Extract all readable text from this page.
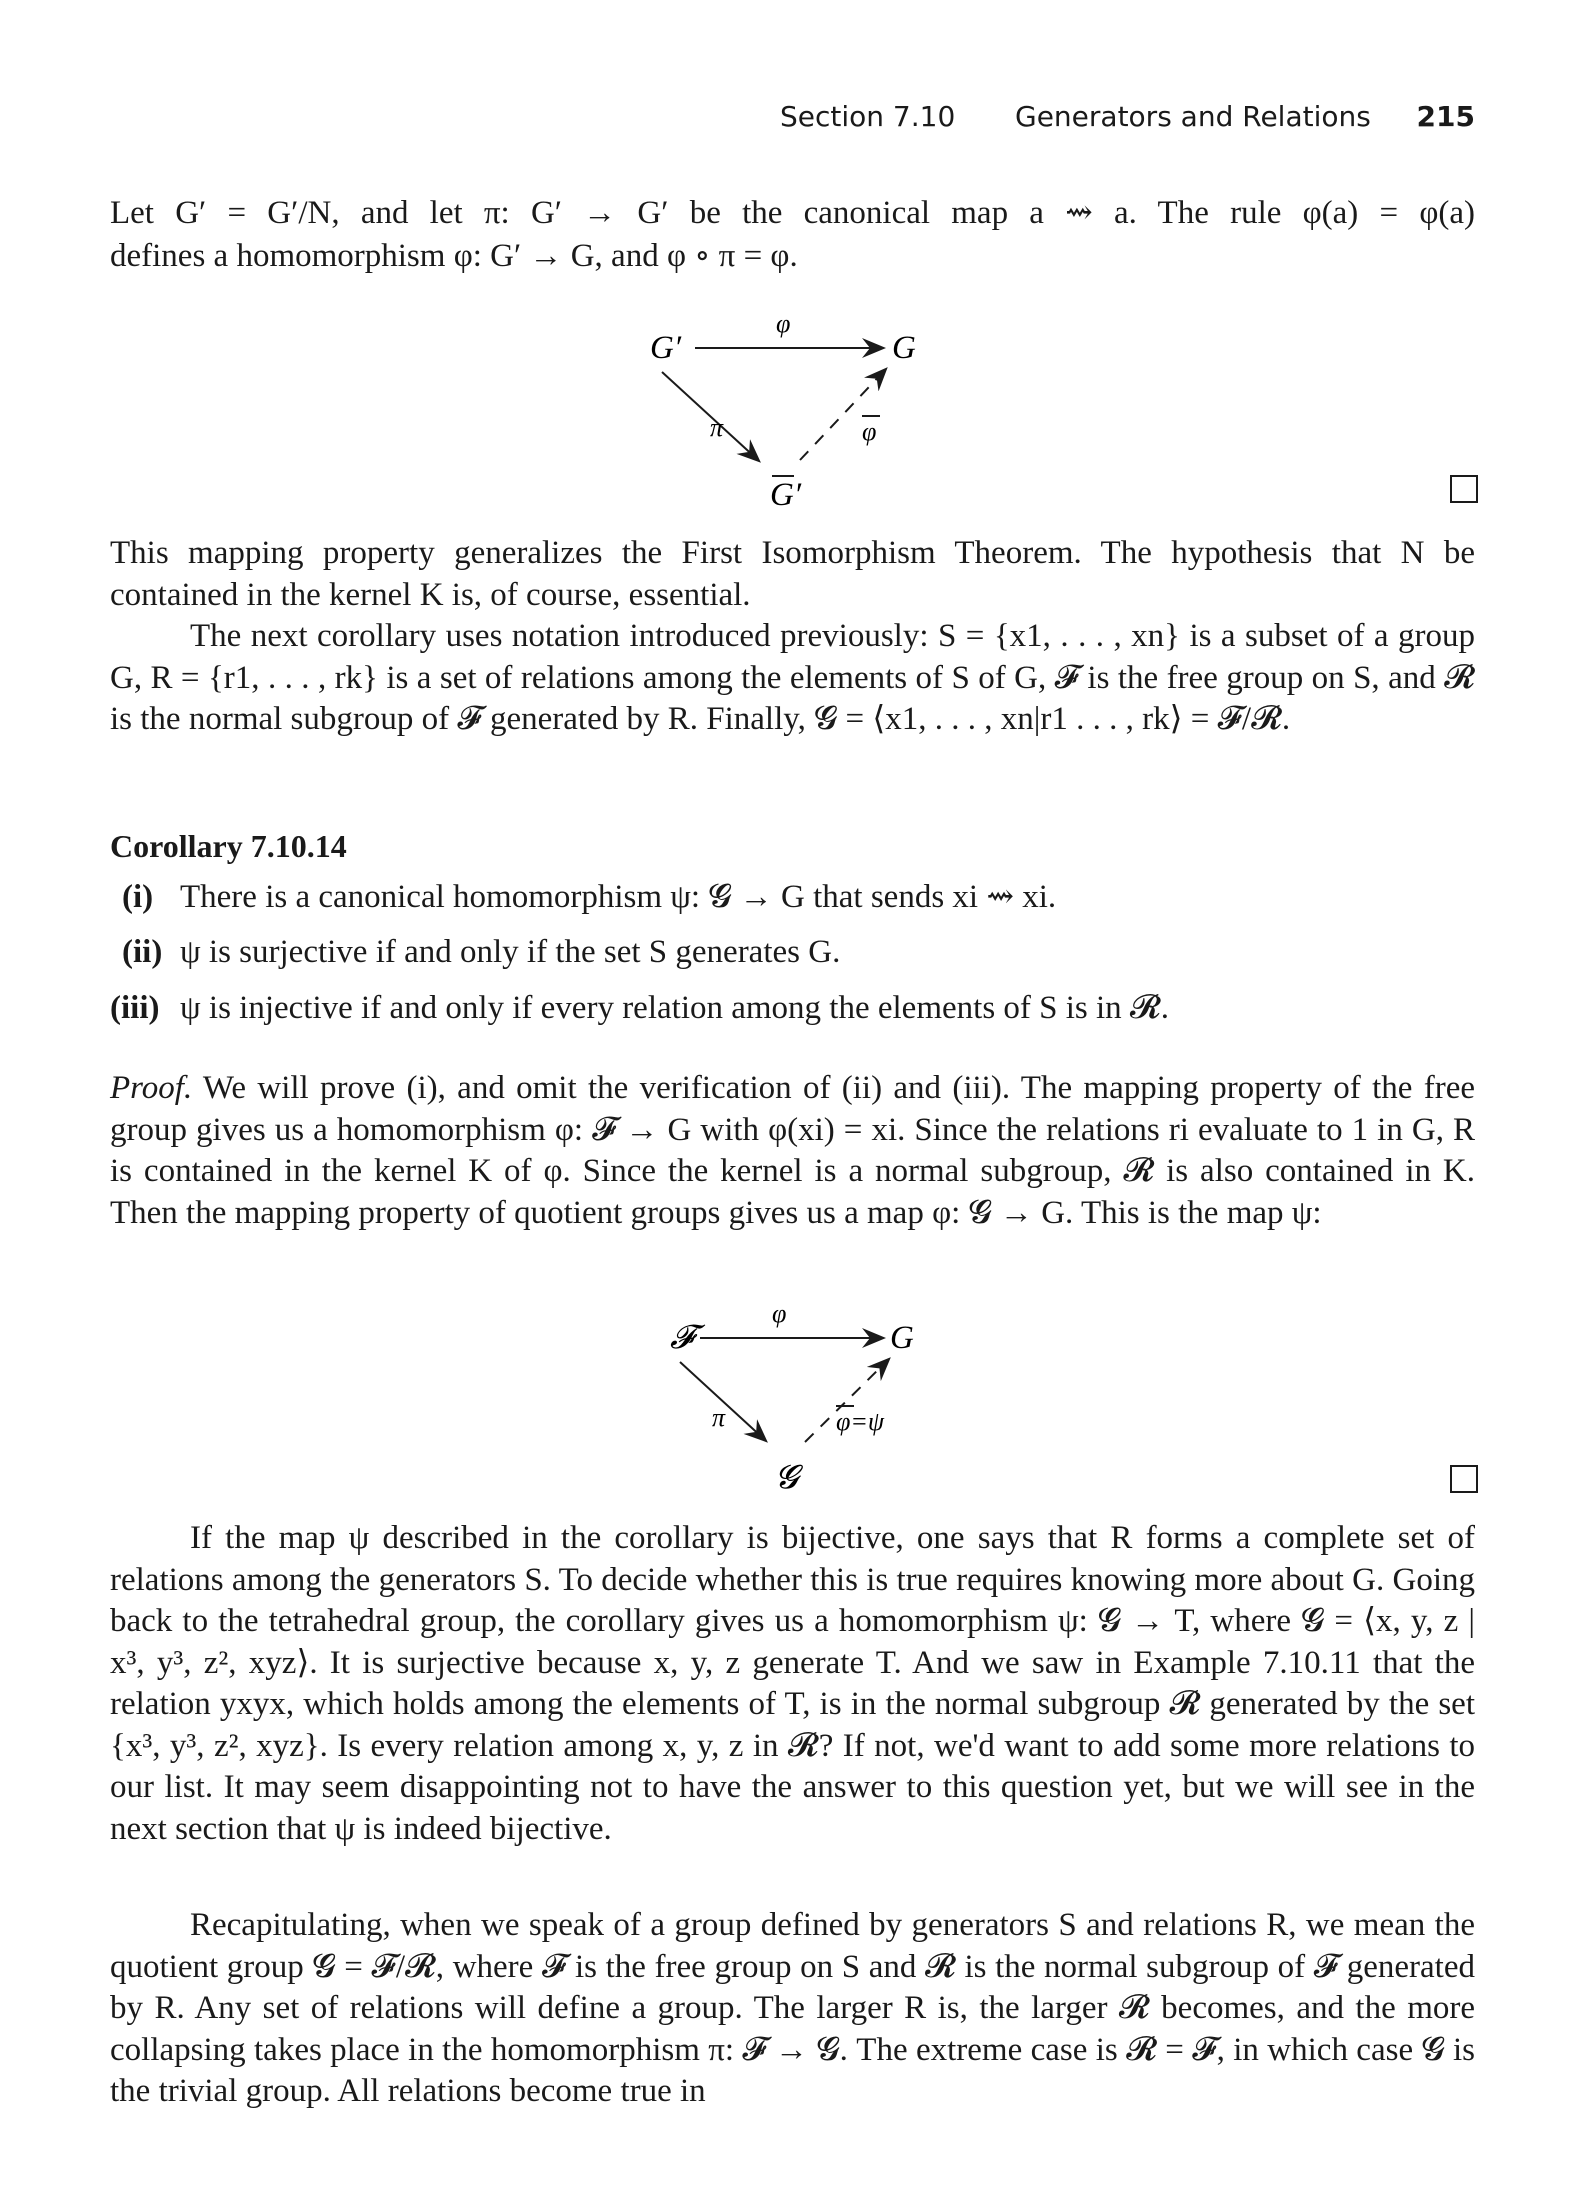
Section 7.10 Generators and Relations 215
Let G′ = G′/N, and let π: G′ → G′ be the canonical map a ⇝ a. The rule φ(a) = φ(a)
defines a homomorphism φ: G′ → G, and φ ∘ π = φ.
G′	G
G′
φ
π	φ
This mapping property generalizes the First Isomorphism Theorem. The hypothesis that N be contained in the kernel K is, of course, essential.
The next corollary uses notation introduced previously: S = {x1, . . . , xn} is a subset of a group G, R = {r1, . . . , rk} is a set of relations among the elements of S of G, 𝓕 is the free group on S, and 𝓡 is the normal subgroup of 𝓕 generated by R. Finally, 𝓖 = ⟨x1, . . . , xn|r1 . . . , rk⟩ = 𝓕/𝓡.
Corollary 7.10.14
(i) There is a canonical homomorphism ψ: 𝓖 → G that sends xi ⇝ xi.
(ii) ψ is surjective if and only if the set S generates G.
(iii) ψ is injective if and only if every relation among the elements of S is in 𝓡.
Proof. We will prove (i), and omit the verification of (ii) and (iii). The mapping property of the free group gives us a homomorphism φ: 𝓕 → G with φ(xi) = xi. Since the relations ri evaluate to 1 in G, R is contained in the kernel K of φ. Since the kernel is a normal subgroup, 𝓡 is also contained in K. Then the mapping property of quotient groups gives us a map φ: 𝓖 → G. This is the map ψ:
𝓕	G
𝓖
φ
π	φ=ψ
If the map ψ described in the corollary is bijective, one says that R forms a complete set of relations among the generators S. To decide whether this is true requires knowing more about G. Going back to the tetrahedral group, the corollary gives us a homomorphism ψ: 𝓖 → T, where 𝓖 = ⟨x, y, z | x³, y³, z², xyz⟩. It is surjective because x, y, z generate T. And we saw in Example 7.10.11 that the relation yxyx, which holds among the elements of T, is in the normal subgroup 𝓡 generated by the set {x³, y³, z², xyz}. Is every relation among x, y, z in 𝓡? If not, we'd want to add some more relations to our list. It may seem disappointing not to have the answer to this question yet, but we will see in the next section that ψ is indeed bijective.
Recapitulating, when we speak of a group defined by generators S and relations R, we mean the quotient group 𝓖 = 𝓕/𝓡, where 𝓕 is the free group on S and 𝓡 is the normal subgroup of 𝓕 generated by R. Any set of relations will define a group. The larger R is, the larger 𝓡 becomes, and the more collapsing takes place in the homomorphism π: 𝓕 → 𝓖. The extreme case is 𝓡 = 𝓕, in which case 𝓖 is the trivial group. All relations become true in
